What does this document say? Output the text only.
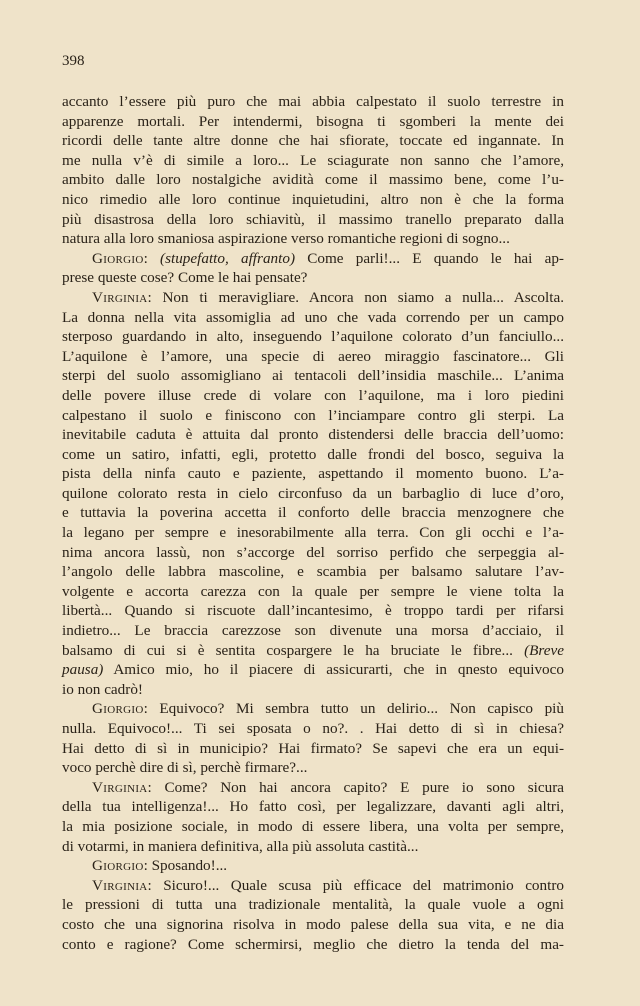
398
accanto l’essere più puro che mai abbia calpestato il suolo terrestre in
apparenze mortali. Per intendermi, bisogna ti sgomberi la mente dei
ricordi delle tante altre donne che hai sfiorate, toccate ed ingannate. In
me nulla v’è di simile a loro... Le sciagurate non sanno che l’amore,
ambito dalle loro nostalgiche avidità come il massimo bene, come l’u-
nico rimedio alle loro continue inquietudini, altro non è che la forma
più disastrosa della loro schiavitù, il massimo tranello preparato dalla
natura alla loro smaniosa aspirazione verso romantiche regioni di sogno...
Giorgio: (stupefatto, affranto) Come parli!... E quando le hai ap-
prese queste cose? Come le hai pensate?
Virginia: Non ti meravigliare. Ancora non siamo a nulla... Ascolta.
La donna nella vita assomiglia ad uno che vada correndo per un campo
sterposo guardando in alto, inseguendo l’aquilone colorato d’un fanciullo...
L’aquilone è l’amore, una specie di aereo miraggio fascinatore... Gli
sterpi del suolo assomigliano ai tentacoli dell’insidia maschile... L’anima
delle povere illuse crede di volare con l’aquilone, ma i loro piedini
calpestano il suolo e finiscono con l’inciampare contro gli sterpi. La
inevitabile caduta è attuita dal pronto distendersi delle braccia dell’uomo:
come un satiro, infatti, egli, protetto dalle frondi del bosco, seguiva la
pista della ninfa cauto e paziente, aspettando il momento buono. L’a-
quilone colorato resta in cielo circonfuso da un barbaglio di luce d’oro,
e tuttavia la poverina accetta il conforto delle braccia menzognere che
la legano per sempre e inesorabilmente alla terra. Con gli occhi e l’a-
nima ancora lassù, non s’accorge del sorriso perfido che serpeggia al-
l’angolo delle labbra mascoline, e scambia per balsamo salutare l’av-
volgente e accorta carezza con la quale per sempre le viene tolta la
libertà... Quando si riscuote dall’incantesimo, è troppo tardi per rifarsi
indietro... Le braccia carezzose son divenute una morsa d’acciaio, il
balsamo di cui si è sentita cospargere le ha bruciate le fibre... (Breve
pausa) Amico mio, ho il piacere di assicurarti, che in qnesto equivoco
io non cadrò!
Giorgio: Equivoco? Mi sembra tutto un delirio... Non capisco più
nulla. Equivoco!... Ti sei sposata o no?. . Hai detto di sì in chiesa?
Hai detto di sì in municipio? Hai firmato? Se sapevi che era un equi-
voco perchè dire di sì, perchè firmare?...
Virginia: Come? Non hai ancora capito? E pure io sono sicura
della tua intelligenza!... Ho fatto così, per legalizzare, davanti agli altri,
la mia posizione sociale, in modo di essere libera, una volta per sempre,
di votarmi, in maniera definitiva, alla più assoluta castità...
Giorgio: Sposando!...
Virginia: Sicuro!... Quale scusa più efficace del matrimonio contro
le pressioni di tutta una tradizionale mentalità, la quale vuole a ogni
costo che una signorina risolva in modo palese della sua vita, e ne dia
conto e ragione? Come schermirsi, meglio che dietro la tenda del ma-
